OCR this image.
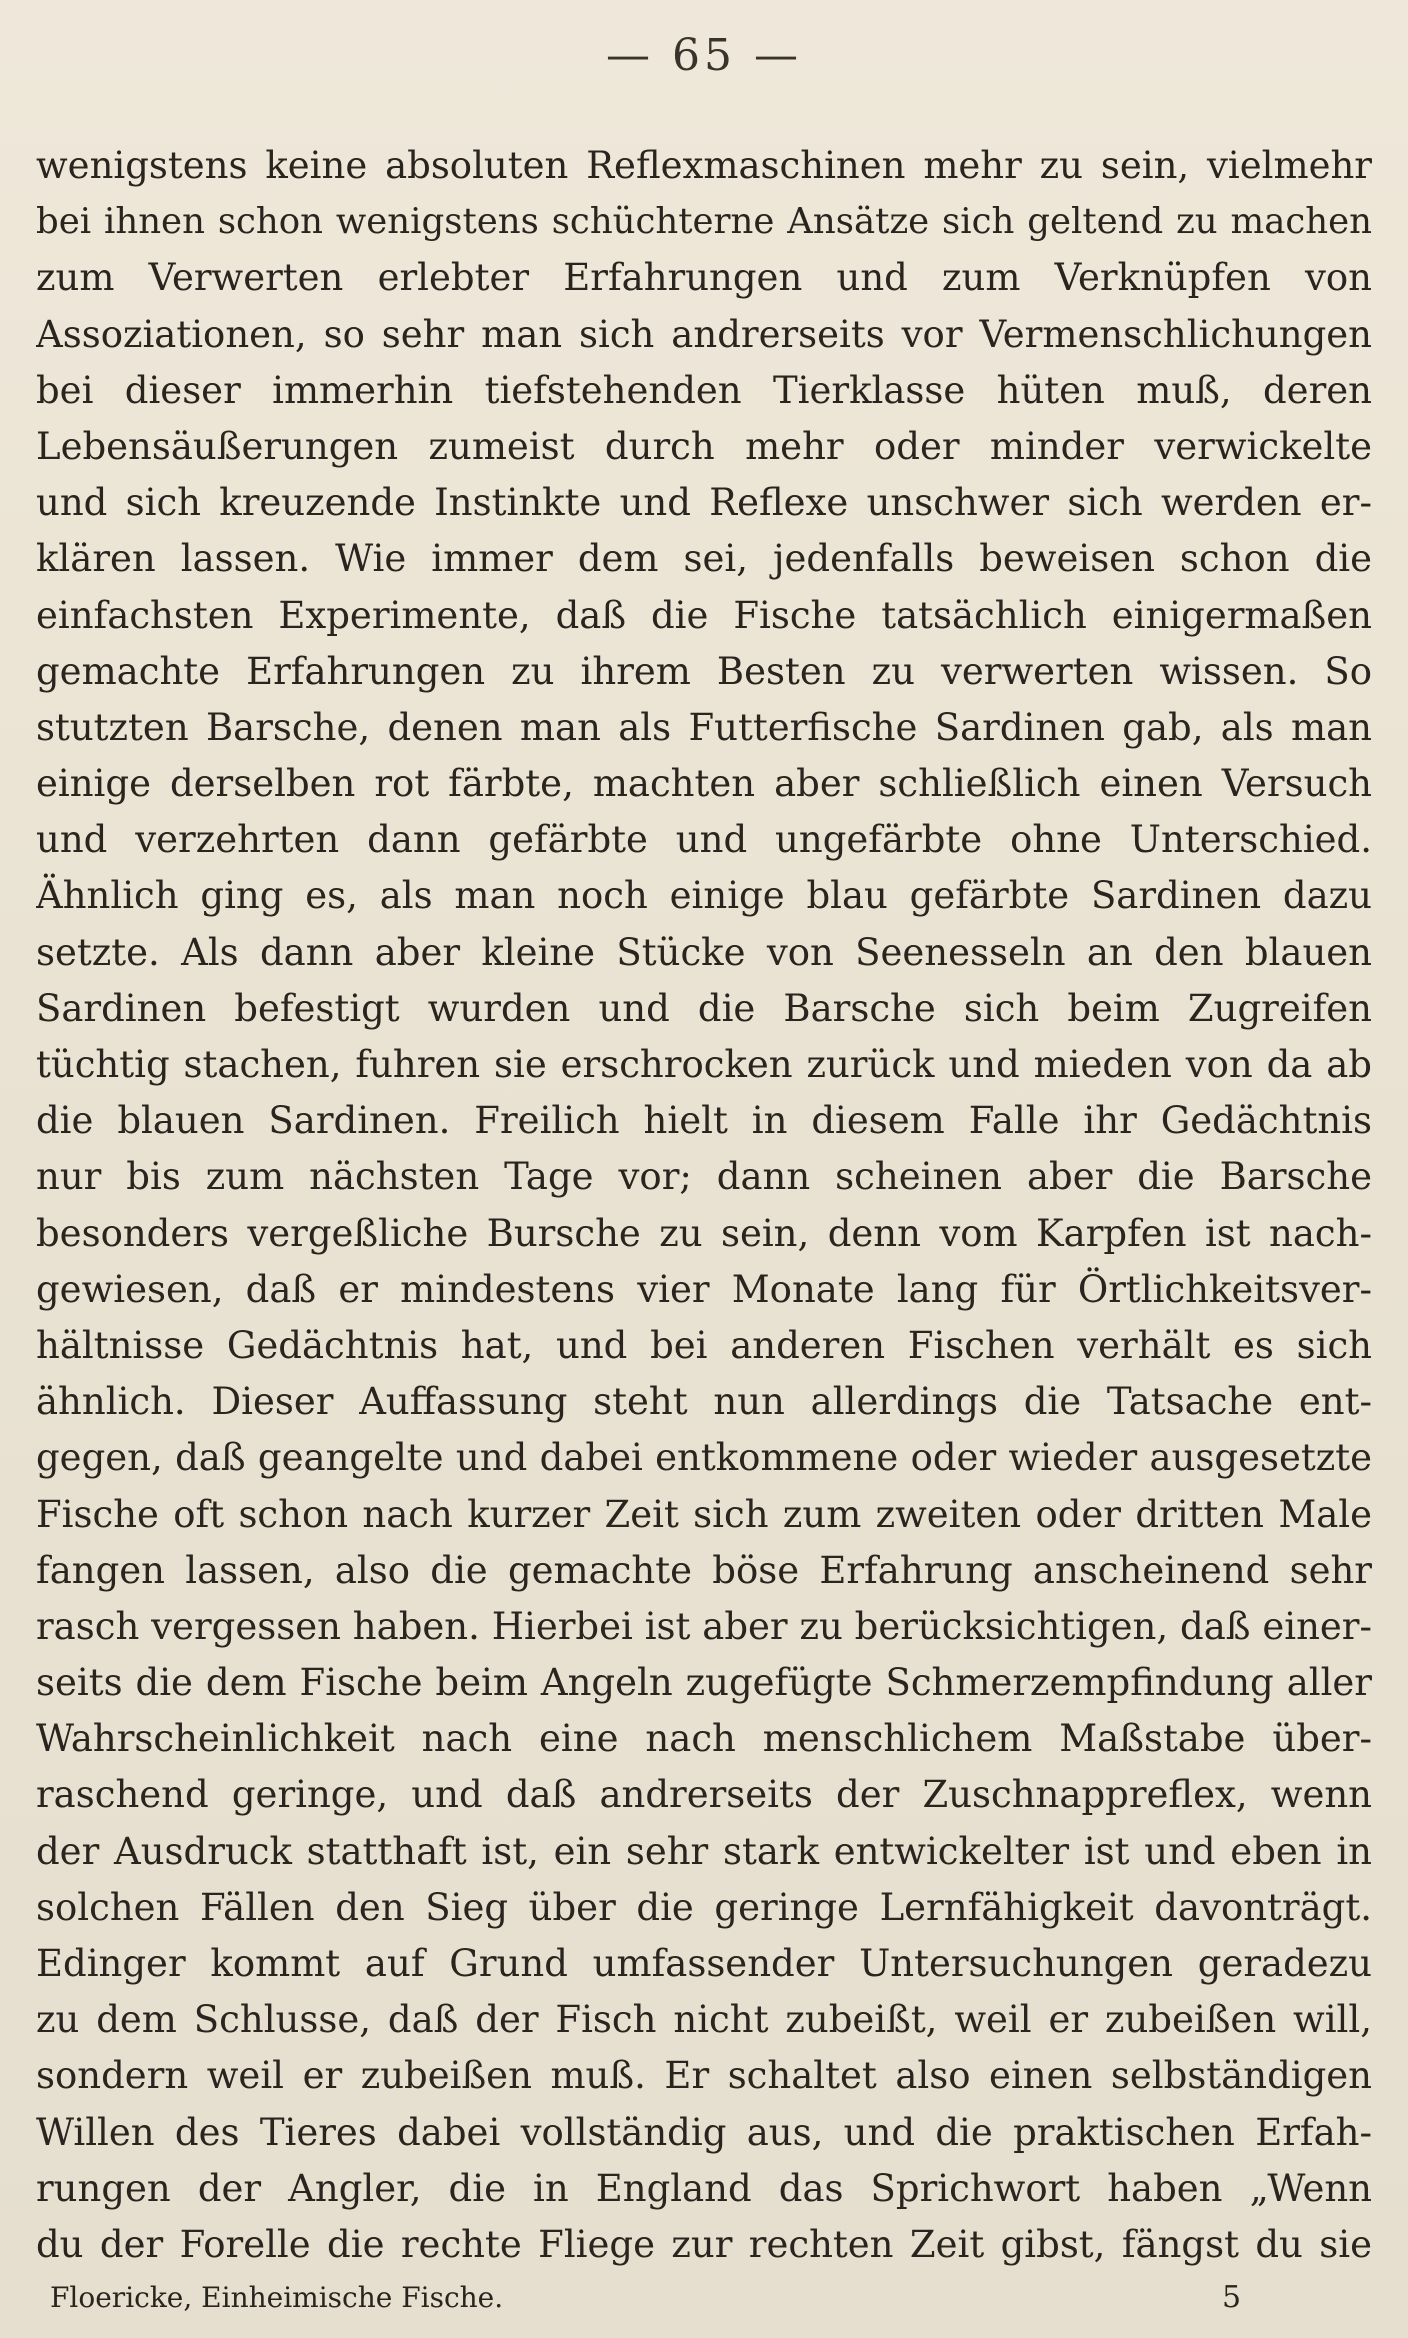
— 65 —
wenigstens keine absoluten Reflexmaschinen mehr zu sein, vielmehr
bei ihnen schon wenigstens schüchterne Ansätze sich geltend zu machen
zum Verwerten erlebter Erfahrungen und zum Verknüpfen von
Assoziationen, so sehr man sich andrerseits vor Vermenschlichungen
bei dieser immerhin tiefstehenden Tierklasse hüten muß, deren
Lebensäußerungen zumeist durch mehr oder minder verwickelte
und sich kreuzende Instinkte und Reflexe unschwer sich werden er-
klären lassen. Wie immer dem sei, jedenfalls beweisen schon die
einfachsten Experimente, daß die Fische tatsächlich einigermaßen
gemachte Erfahrungen zu ihrem Besten zu verwerten wissen. So
stutzten Barsche, denen man als Futterfische Sardinen gab, als man
einige derselben rot färbte, machten aber schließlich einen Versuch
und verzehrten dann gefärbte und ungefärbte ohne Unterschied.
Ähnlich ging es, als man noch einige blau gefärbte Sardinen dazu
setzte. Als dann aber kleine Stücke von Seenesseln an den blauen
Sardinen befestigt wurden und die Barsche sich beim Zugreifen
tüchtig stachen, fuhren sie erschrocken zurück und mieden von da ab
die blauen Sardinen. Freilich hielt in diesem Falle ihr Gedächtnis
nur bis zum nächsten Tage vor; dann scheinen aber die Barsche
besonders vergeßliche Bursche zu sein, denn vom Karpfen ist nach-
gewiesen, daß er mindestens vier Monate lang für Örtlichkeitsver-
hältnisse Gedächtnis hat, und bei anderen Fischen verhält es sich
ähnlich. Dieser Auffassung steht nun allerdings die Tatsache ent-
gegen, daß geangelte und dabei entkommene oder wieder ausgesetzte
Fische oft schon nach kurzer Zeit sich zum zweiten oder dritten Male
fangen lassen, also die gemachte böse Erfahrung anscheinend sehr
rasch vergessen haben. Hierbei ist aber zu berücksichtigen, daß einer-
seits die dem Fische beim Angeln zugefügte Schmerzempfindung aller
Wahrscheinlichkeit nach eine nach menschlichem Maßstabe über-
raschend geringe, und daß andrerseits der Zuschnappreflex, wenn
der Ausdruck statthaft ist, ein sehr stark entwickelter ist und eben in
solchen Fällen den Sieg über die geringe Lernfähigkeit davonträgt.
Edinger kommt auf Grund umfassender Untersuchungen geradezu
zu dem Schlusse, daß der Fisch nicht zubeißt, weil er zubeißen will,
sondern weil er zubeißen muß. Er schaltet also einen selbständigen
Willen des Tieres dabei vollständig aus, und die praktischen Erfah-
rungen der Angler, die in England das Sprichwort haben „Wenn
du der Forelle die rechte Fliege zur rechten Zeit gibst, fängst du sie
Floericke, Einheimische Fische.	5
